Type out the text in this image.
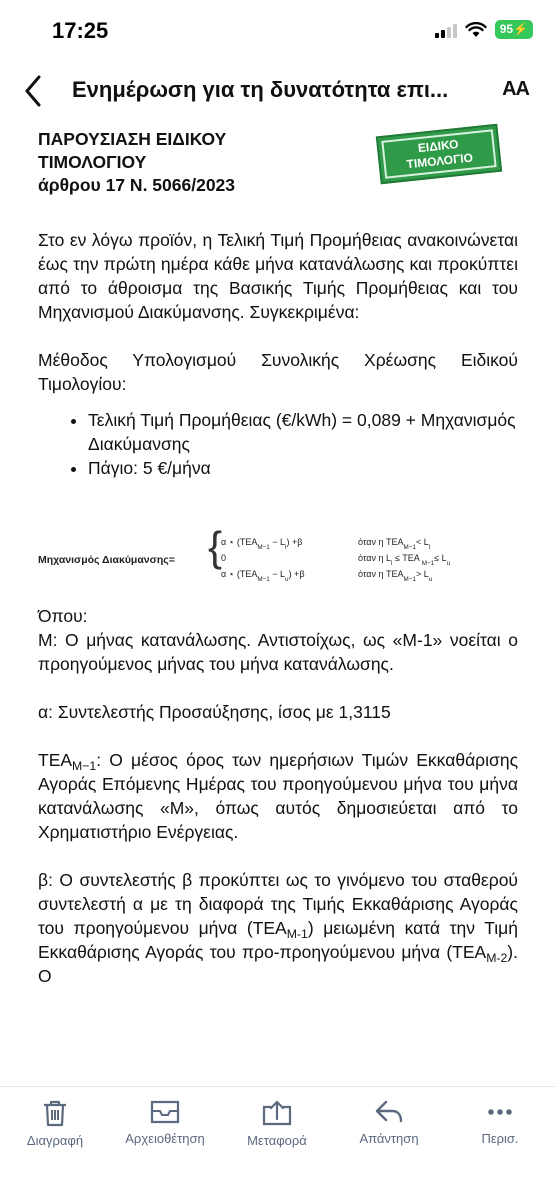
17:25	95⚡
Ενημέρωση για τη δυνατότητα επι...	AA
ΠΑΡΟΥΣΙΑΣΗ ΕΙΔΙΚΟΥ
ΤΙΜΟΛΟΓΙΟΥ
άρθρου 17 Ν. 5066/2023
ΕΙΔΙΚΟ
ΤΙΜΟΛΟΓΙΟ

Στο εν λόγω προϊόν, η Τελική Τιμή Προμήθειας ανακοινώνεται έως την πρώτη ημέρα κάθε μήνα κατανάλωσης και προκύπτει από το άθροισμα της Βασικής Τιμής Προμήθειας και του Μηχανισμού Διακύμανσης. Συγκεκριμένα:

Μέθοδος Υπολογισμού Συνολικής Χρέωσης Ειδικού Τιμολογίου:

• Τελική Τιμή Προμήθειας (€/kWh) = 0,089 + Μηχανισμός Διακύμανσης
• Πάγιο: 5 €/μήνα
Μηχανισμός Διακύμανσης= {
α ⋆ $(TEA_{M-1} - L_l) +\beta$	όταν η $TEA_{M-1}< L_l$
0	όταν η $L_l$ ≤ TEA $_{M-1}\le L_u$
α ⋆ $(TEA_{M-1} - L_u) +\beta$	όταν η $TEA_{M-1}> L_u$

Όπου:

M: Ο μήνας κατανάλωσης. Αντιστοίχως, ως «M-1» νοείται ο προηγούμενος μήνας του μήνα κατανάλωσης.

α: Συντελεστής Προσαύξησης, ίσος με 1,3115

$TEA_{M-1}$: Ο μέσος όρος των ημερήσιων Τιμών Εκκαθάρισης Αγοράς Επόμενης Ημέρας του προηγούμενου μήνα του μήνα κατανάλωσης «M», όπως αυτός δημοσιεύεται από το Χρηματιστήριο Ενέργειας.

β: Ο συντελεστής β προκύπτει ως το γινόμενο του σταθερού συντελεστή α με τη διαφορά της Τιμής Εκκαθάρισης Αγοράς του προηγούμενου μήνα $(TEA_{M-1})$ μειωμένη κατά την Τιμή Εκκαθάρισης Αγοράς του προ-προηγούμενου μήνα $(TEA_{M-2})$. Ο

Διαγραφή	Αρχειοθέτηση	Μεταφορά	Απάντηση	Περισ.
